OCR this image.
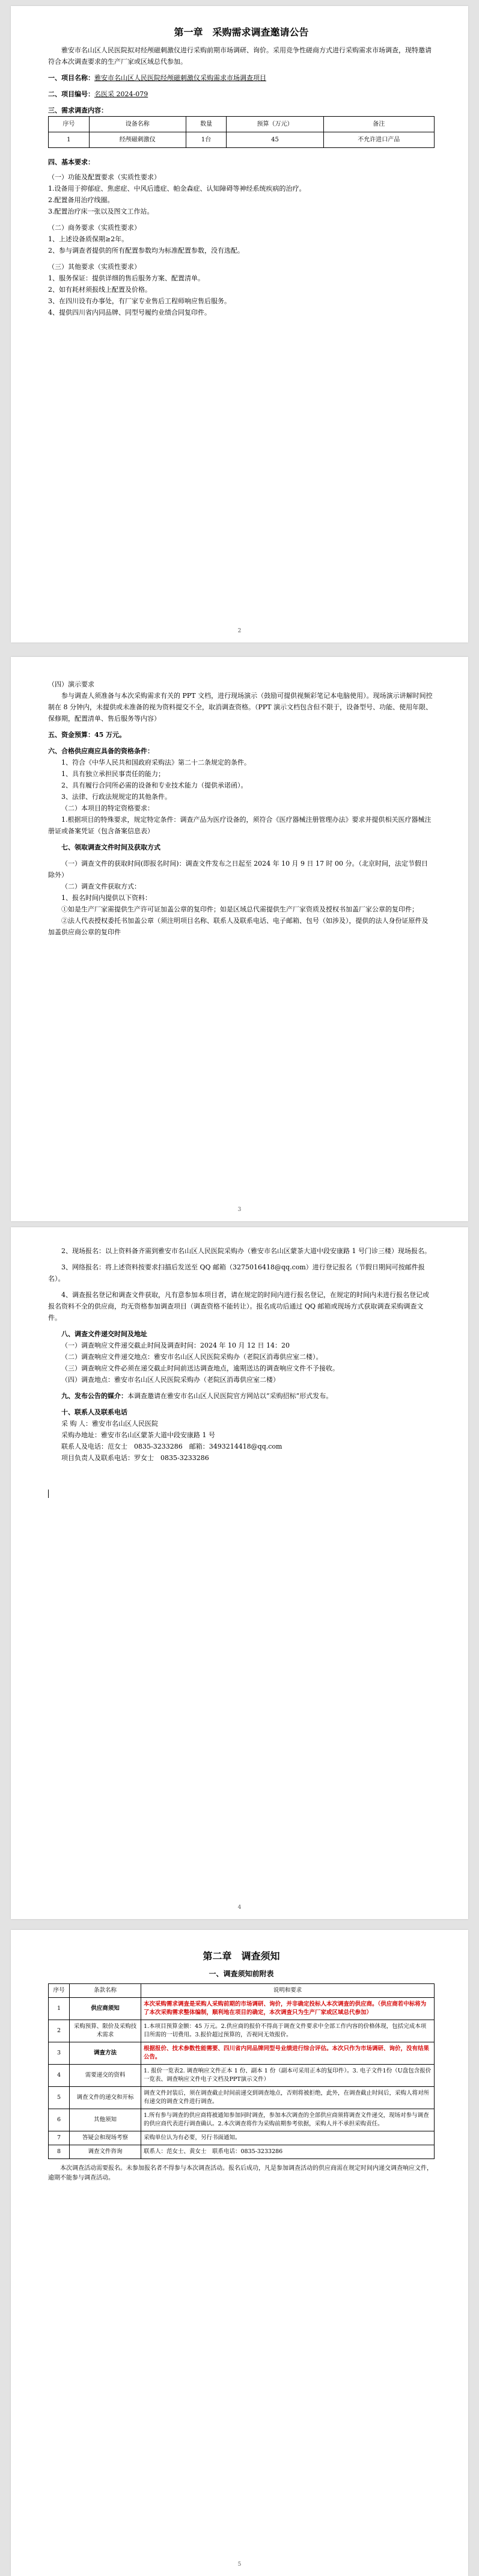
第一章　采购需求调查邀请公告

雅安市名山区人民医院拟对经颅磁刺激仪进行采购前期市场调研、询价。采用竞争性磋商方式进行采购需求市场调查，现特邀请符合本次调查要求的生产厂家或区域总代参加。

一、项目名称：雅安市名山区人民医院经颅磁刺激仪采购需求市场调查项目

二、项目编号：名医采 2024-079

三、需求调查内容：

序号	设备名称	数量	预算（万元）	备注
1	经颅磁刺激仪	1台	45	不允许进口产品

四、基本要求：

（一）功能及配置要求（实质性要求）

1.设备用于抑郁症、焦虑症、中风后遗症、帕金森症、认知障碍等神经系统疾病的治疗。

2.配置备用治疗线圈。

3.配置治疗床一张以及图文工作站。

（二）商务要求（实质性要求）

1、上述设备质保期≥2年。

2、参与调查者提供的所有配置参数均为标准配置参数，没有选配。

（三）其他要求（实质性要求）

1、服务保证：提供详细的售后服务方案、配置清单。

2、如有耗材须报线上配置及价格。

3、在四川设有办事处，有厂家专业售后工程师响应售后服务。

4、提供四川省内同品牌、同型号履约业绩合同复印件。

2

（四）演示要求

参与调查人须准备与本次采购需求有关的 PPT 文档，进行现场演示（鼓励可提供视频彩笔记本电脑使用）。现场演示讲解时间控制在 8 分钟内，未提供或未准备的视为资料提交不全，取消调查资格。（PPT 演示文档包含但不限于，设备型号、功能、使用年限、保修期，配置清单、售后服务等内容）

五、资金预算：45 万元。

六、合格供应商应具备的资格条件：

1、符合《中华人民共和国政府采购法》第二十二条规定的条件。

1、具有独立承担民事责任的能力；

2、具有履行合同所必需的设备和专业技术能力（提供承诺函）。

3、法律、行政法规规定的其他条件。

（二）本项目的特定资格要求：

1.根据项目的特殊要求，规定特定条件：调查产品为医疗设备的，须符合《医疗器械注册管理办法》要求并提供相关医疗器械注册证或备案凭证（包含备案信息表）

七、领取调查文件时间及获取方式

（一）调查文件的获取时间(即报名时间)：调查文件发布之日起至 2024 年 10 月 9 日 17 时 00 分。（北京时间，法定节假日除外）

（二）调查文件获取方式：

1、报名时间内提供以下资料：

①如是生产厂家需提供生产许可证加盖公章的复印件；如是区域总代需提供生产厂家资质及授权书加盖厂家公章的复印件；

②法人代表授权委托书加盖公章（须注明项目名称、联系人及联系电话、电子邮箱、包号（如涉及），提供的法人身份证原件及加盖供应商公章的复印件

3

2、现场报名：以上资料备齐需到雅安市名山区人民医院采购办（雅安市名山区蒙茶大道中段安康路 1 号门诊三楼）现场报名。

3、网络报名：将上述资料按要求扫描后发送至 QQ 邮箱（3275016418@qq.com）进行登记报名（节假日期间可按邮件报名）。

4、调查报名登记和调查文件获取，凡有意参加本项目者，请在规定的时间内进行报名登记，在规定的时间内未进行报名登记或报名资料不全的供应商，均无资格参加调查项目（调查资格不能转让）。报名成功后通过 QQ 邮箱或现场方式获取调查采购调查文件。

八、调查文件递交时间及地址

（一）调查响应文件递交截止时间及调查时间：2024 年 10 月 12 日 14：20

（二）调查响应文件递交地点：雅安市名山区人民医院采购办（老院区消毒供应室二楼）。

（三）调查响应文件必须在递交截止时间前送达调查地点，逾期送达的调查响应文件不予接收。

（四）调查地点：雅安市名山区人民医院采购办（老院区消毒供应室二楼）

九、发布公告的媒介：本调查邀请在雅安市名山区人民医院官方网站以“采购招标”形式发布。

十、联系人及联系电话

采 购 人：雅安市名山区人民医院

采购办地址：雅安市名山区蒙茶大道中段安康路 1 号

联系人及电话：范女士　0835-3233286　邮箱：3493214418@qq.com

项目负责人及联系电话：罗女士　0835-3233286

4
第二章　调查须知

一、调查须知前附表

序号	条款名称	说明和要求
1	供应商须知	本次采购需求调查是采购人采购前期的市场调研、询价，并非确定投标人本次调查的供应商。（供应商若中标将为了本次采购需求整体编制，顺利地在项目的确定，本次调查只为生产厂家或区域总代参加）
2	采购预算、限价及采购技术需求	1.本项目预算金额：45 万元。2.供应商的报价不得高于调查文件要求中全部工作内容的价格体现，包括完成本项目所需的一切费用。3.报价超过预算的，否视同无效报价。
3	调查方法	根据报价、技术参数性能需要、四川省内同品牌同型号业绩进行综合评估。本次只作为市场调研、询价，没有结果公告。
4	需要递交的资料	1. 报价一览表2. 调查响应文件正本 1 份、副本 1 份（副本可采用正本的复印件）。3. 电子文件1份（U盘包含报价一览表、调查响应文件电子文档及PPT演示文件）
5	调查文件的递交和开标	调查文件封装后，须在调查截止时间前递交到调查地点，否则将被拒绝，此外，在调查截止时间后，采购人将对所有递交的调查文件进行调查。
6	其他须知	1.所有参与调查的供应商将被通知参加同时调查，参加本次调查的全部供应商须将调查文件递交，现场对参与调查的供应商代表进行调查确认。2.本次调查将作为采购前期参考依据，采购人并不承担采购责任。
7	答疑会和现场考察	采购单位认为有必要，另行书面通知。
8	调查文件咨询	联系人：范女士、黄女士　联系电话：0835-3233286

本次调查活动需要报名。未参加报名者不得参与本次调查活动。报名后成功，凡是参加调查活动的供应商需在规定时间内递交调查响应文件，逾期不能参与调查活动。

5
